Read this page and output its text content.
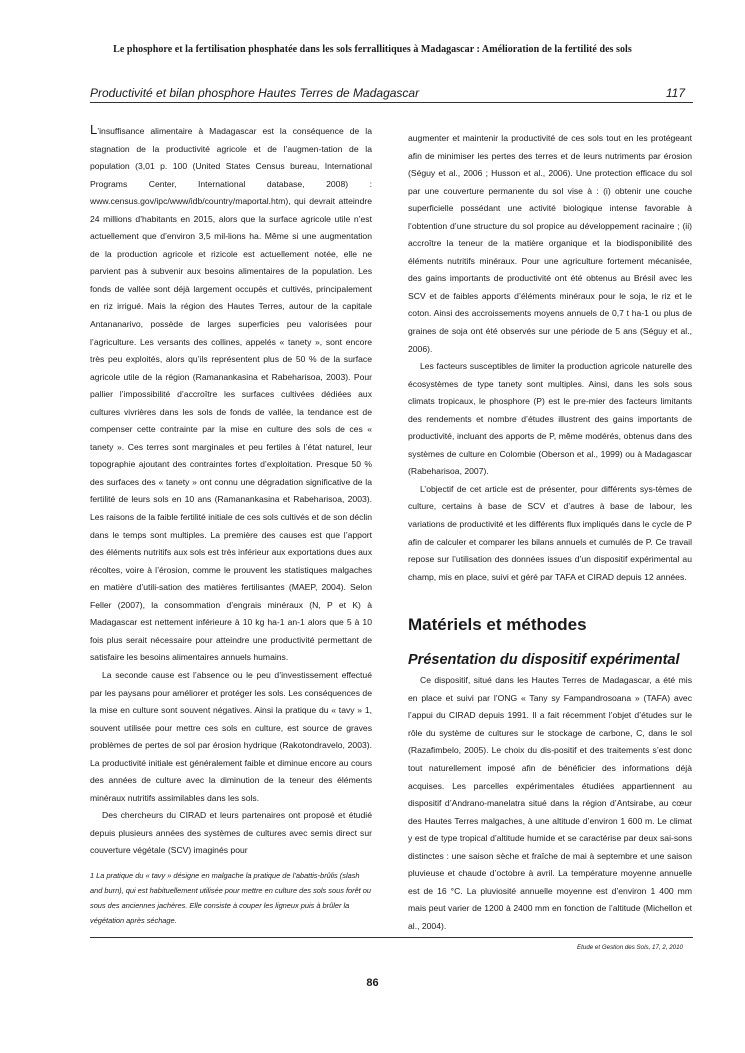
Le phosphore et la fertilisation phosphatée dans les sols ferrallitiques à Madagascar : Amélioration de la fertilité des sols
Productivité et bilan phosphore Hautes Terres de Madagascar	117

L’insuffisance alimentaire à Madagascar est la conséquence de la stagnation de la productivité agricole et de l’augmen-tation de la population (3,01 p. 100 (United States Census bureau, International Programs Center, International database, 2008) : www.census.gov/ipc/www/idb/country/maportal.htm), qui devrait atteindre 24 millions d’habitants en 2015, alors que la surface agricole utile n’est actuellement que d’environ 3,5 mil-lions ha. Même si une augmentation de la production agricole et rizicole est actuellement notée, elle ne parvient pas à subvenir aux besoins alimentaires de la population. Les fonds de vallée sont déjà largement occupés et cultivés, principalement en riz irrigué. Mais la région des Hautes Terres, autour de la capitale Antananarivo, possède de larges superficies peu valorisées pour l’agriculture. Les versants des collines, appelés « tanety », sont encore très peu exploités, alors qu’ils représentent plus de 50 % de la surface agricole utile de la région (Ramanankasina et Rabeharisoa, 2003). Pour pallier l’impossibilité d’accroître les surfaces cultivées dédiées aux cultures vivrières dans les sols de fonds de vallée, la tendance est de compenser cette contrainte par la mise en culture des sols de ces « tanety ». Ces terres sont marginales et peu fertiles à l’état naturel, leur topographie ajoutant des contraintes fortes d’exploitation. Presque 50 % des surfaces des « tanety » ont connu une dégradation significative de la fertilité de leurs sols en 10 ans (Ramanankasina et Rabeharisoa, 2003). Les raisons de la faible fertilité initiale de ces sols cultivés et de son déclin dans le temps sont multiples. La première des causes est que l’apport des éléments nutritifs aux sols est très inférieur aux exportations dues aux récoltes, voire à l’érosion, comme le prouvent les statistiques malgaches en matière d’utili-sation des matières fertilisantes (MAEP, 2004). Selon Feller (2007), la consommation d’engrais minéraux (N, P et K) à Madagascar est nettement inférieure à 10 kg ha-1 an-1 alors que 5 à 10 fois plus serait nécessaire pour atteindre une productivité permettant de satisfaire les besoins alimentaires annuels humains.

La seconde cause est l’absence ou le peu d’investissement effectué par les paysans pour améliorer et protéger les sols. Les conséquences de la mise en culture sont souvent négatives. Ainsi la pratique du « tavy » 1, souvent utilisée pour mettre ces sols en culture, est source de graves problèmes de pertes de sol par érosion hydrique (Rakotondravelo, 2003). La productivité initiale est généralement faible et diminue encore au cours des années de culture avec la diminution de la teneur des éléments minéraux nutritifs assimilables dans les sols.

Des chercheurs du CIRAD et leurs partenaires ont proposé et étudié depuis plusieurs années des systèmes de cultures avec semis direct sur couverture végétale (SCV) imaginés pour

1 La pratique du « tavy » désigne en malgache la pratique de l’abattis-brûlis (slash and burn), qui est habituellement utilisée pour mettre en culture des sols sous forêt ou sous des anciennes jachères. Elle consiste à couper les ligneux puis à brûler la végétation après séchage.

augmenter et maintenir la productivité de ces sols tout en les protégeant afin de minimiser les pertes des terres et de leurs nutriments par érosion (Séguy et al., 2006 ; Husson et al., 2006). Une protection efficace du sol par une couverture permanente du sol vise à : (i) obtenir une couche superficielle possédant une activité biologique intense favorable à l’obtention d’une structure du sol propice au développement racinaire ; (ii) accroître la teneur de la matière organique et la biodisponibilité des éléments nutritifs minéraux. Pour une agriculture fortement mécanisée, des gains importants de productivité ont été obtenus au Brésil avec les SCV et de faibles apports d’éléments minéraux pour le soja, le riz et le coton. Ainsi des accroissements moyens annuels de 0,7 t ha-1 ou plus de graines de soja ont été observés sur une période de 5 ans (Séguy et al., 2006).

Les facteurs susceptibles de limiter la production agricole naturelle des écosystèmes de type tanety sont multiples. Ainsi, dans les sols sous climats tropicaux, le phosphore (P) est le pre-mier des facteurs limitants des rendements et nombre d’études illustrent des gains importants de productivité, incluant des apports de P, même modérés, obtenus dans des systèmes de culture en Colombie (Oberson et al., 1999) ou à Madagascar (Rabeharisoa, 2007).

L’objectif de cet article est de présenter, pour différents sys-tèmes de culture, certains à base de SCV et d’autres à base de labour, les variations de productivité et les différents flux impliqués dans le cycle de P afin de calculer et comparer les bilans annuels et cumulés de P. Ce travail repose sur l’utilisation des données issues d’un dispositif expérimental au champ, mis en place, suivi et géré par TAFA et CIRAD depuis 12 années.

Matériels et méthodes

Présentation du dispositif expérimental

Ce dispositif, situé dans les Hautes Terres de Madagascar, a été mis en place et suivi par l’ONG « Tany sy Fampandrosoana » (TAFA) avec l’appui du CIRAD depuis 1991. Il a fait récemment l’objet d’études sur le rôle du système de cultures sur le stockage de carbone, C, dans le sol (Razafimbelo, 2005). Le choix du dis-positif et des traitements s’est donc tout naturellement imposé afin de bénéficier des informations déjà acquises. Les parcelles expérimentales étudiées appartiennent au dispositif d’Andrano-manelatra situé dans la région d’Antsirabe, au cœur des Hautes Terres malgaches, à une altitude d’environ 1 600 m. Le climat y est de type tropical d’altitude humide et se caractérise par deux sai-sons distinctes : une saison sèche et fraîche de mai à septembre et une saison pluvieuse et chaude d’octobre à avril. La température moyenne annuelle est de 16 °C. La pluviosité annuelle moyenne est d’environ 1 400 mm mais peut varier de 1200 à 2400 mm en fonction de l’altitude (Michellon et al., 2004).

Etude et Gestion des Sols, 17, 2, 2010
86
